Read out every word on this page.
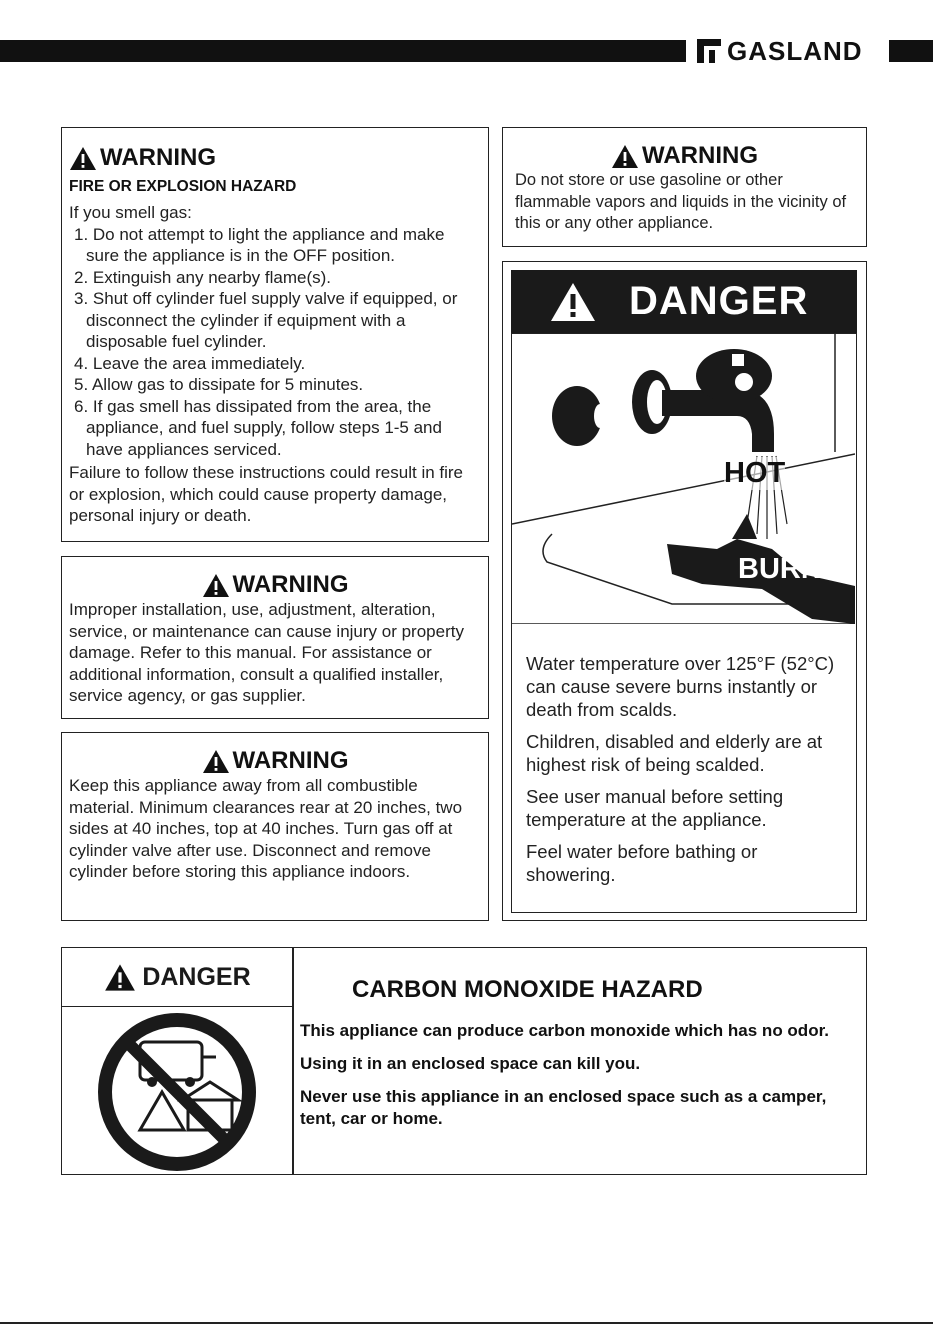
GASLAND
WARNING
FIRE OR EXPLOSION HAZARD
If you smell gas:
1. Do not attempt to light the appliance and make sure the appliance is in the OFF position.
2. Extinguish any nearby flame(s).
3. Shut off cylinder fuel supply valve if equipped, or disconnect the cylinder if equipment with a disposable fuel cylinder.
4. Leave the area immediately.
5. Allow gas to dissipate for 5 minutes.
6. If gas smell has dissipated from the area, the appliance, and fuel supply, follow steps 1-5 and have appliances serviced.
Failure to follow these instructions could result in fire or explosion, which could cause property damage, personal injury or death.
WARNING
Do not store or use gasoline or other flammable vapors and liquids in the vicinity of this or any other appliance.
WARNING
Improper installation, use, adjustment, alteration, service, or maintenance can cause injury or property damage. Refer to this manual. For assistance or additional information, consult a qualified installer, service agency, or gas supplier.
WARNING
Keep this appliance away from all combustible material. Minimum clearances rear at 20 inches, two sides at 40 inches, top at 40 inches. Turn gas off at cylinder valve after use. Disconnect and remove cylinder before storing this appliance indoors.
DANGER
HOT
BURN

Water temperature over 125°F (52°C) can cause severe burns instantly or death from scalds.

Children, disabled and elderly are at highest risk of being scalded.

See user manual before setting temperature at the appliance.

Feel water before bathing or showering.

DANGER	CARBON MONOXIDE HAZARD

This appliance can produce carbon monoxide which has no odor.

Using it in an enclosed space can kill you.

Never use this appliance in an enclosed space such as a camper, tent, car or home.
